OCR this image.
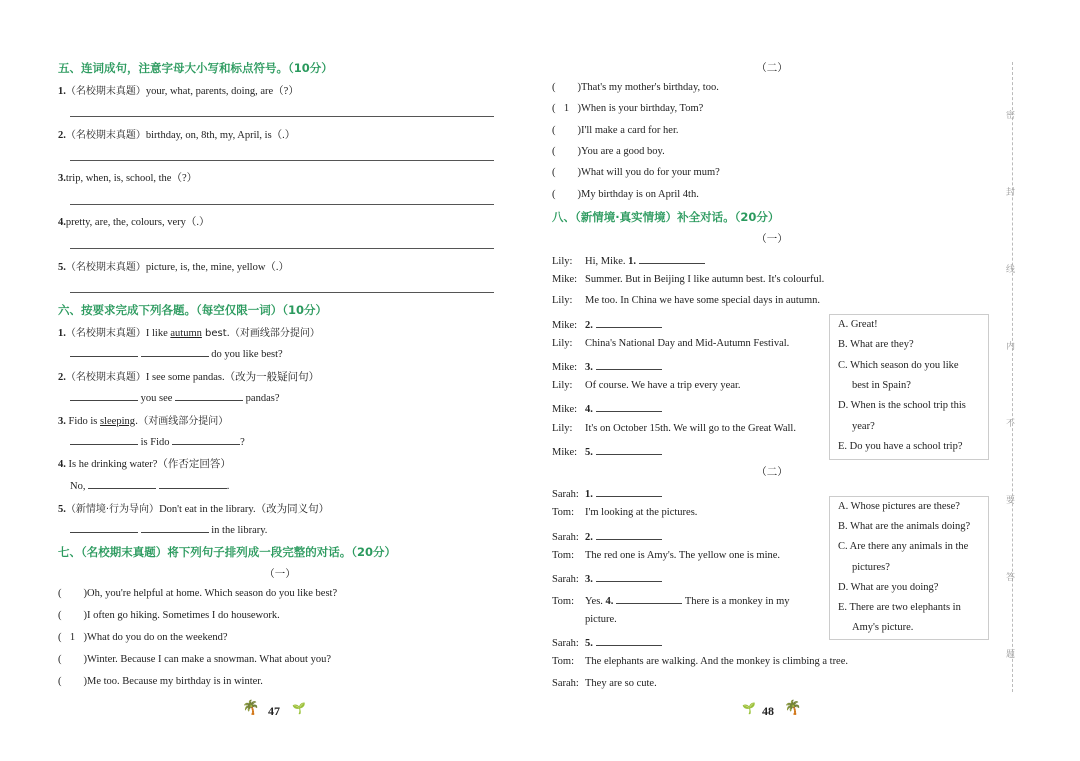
五、连词成句，注意字母大小写和标点符号。（10分）
1.（名校期末真题）your, what, parents, doing, are（?）
2.（名校期末真题）birthday, on, 8th, my, April, is（.）
3.trip, when, is, school, the（?）
4.pretty, are, the, colours, very（.）
5.（名校期末真题）picture, is, the, mine, yellow（.）
六、按要求完成下列各题。（每空仅限一词）（10分）
1.（名校期末真题）I like autumn best.（对画线部分提问）
do you like best?
2.（名校期末真题）I see some pandas.（改为一般疑问句）
you see	pandas?
3. Fido is sleeping.（对画线部分提问）
is Fido	?
4. Is he drinking water?（作否定回答）
No,	.
5.（新情境·行为导向）Don't eat in the library.（改为同义句）
in the library.
七、（名校期末真题）将下列句子排列成一段完整的对话。（20分）
（一）
( )Oh, you're helpful at home. Which season do you like best?
( )I often go hiking. Sometimes I do housework.
( 1 )What do you do on the weekend?
( )Winter. Because I can make a snowman. What about you?
( )Me too. Because my birthday is in winter.
🌴 47 🌱
（二）
( )That's my mother's birthday, too.
( 1 )When is your birthday, Tom?
( )I'll make a card for her.
( )You are a good boy.
( )What will you do for your mum?
( )My birthday is on April 4th.
八、（新情境·真实情境）补全对话。（20分）
（一）
Lily: Hi, Mike. 1.
Mike: Summer. But in Beijing I like autumn best. It's colourful.
Lily: Me too. In China we have some special days in autumn.
Mike: 2.
Lily: China's National Day and Mid-Autumn Festival.
Mike: 3.
Lily: Of course. We have a trip every year.
Mike: 4.
Lily: It's on October 15th. We will go to the Great Wall.
Mike: 5.
A. Great!
B. What are they?
C. Which season do you like
best in Spain?
D. When is the school trip this
year?
E. Do you have a school trip?
（二）
Sarah: 1.
Tom: I'm looking at the pictures.
Sarah: 2.
Tom: The red one is Amy's. The yellow one is mine.
Sarah: 3.
Tom: Yes. 4.	There is a monkey in my
picture.
Sarah: 5.
Tom: The elephants are walking. And the monkey is climbing a tree.
Sarah: They are so cute.
A. Whose pictures are these?
B. What are the animals doing?
C. Are there any animals in the
pictures?
D. What are you doing?
E. There are two elephants in
Amy's picture.
🌱 48 🌴
密
封
线
内
不
要
答
题
